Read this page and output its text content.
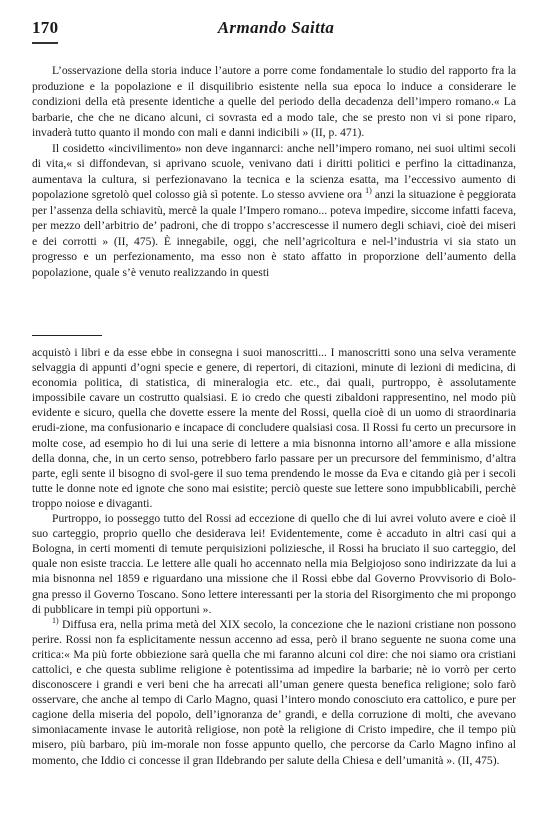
170	Armando Saitta

L’osservazione della storia induce l’autore a porre come fondamentale lo studio del rapporto fra la produzione e la popolazione e il disquilibrio esistente nella sua epoca lo induce a considerare le condizioni della età presente identiche a quelle del periodo della decadenza dell’impero romano.« La barbarie, che che ne dicano alcuni, ci sovrasta ed a modo tale, che se presto non vi si pone riparo, invaderà tutto quanto il mondo con mali e danni indicibili » (II, p. 471).

Il cosidetto «incivilimento» non deve ingannarci: anche nell’impero romano, nei suoi ultimi secoli di vita,« si diffondevan, si aprivano scuole, venivano dati i diritti politici e perfino la cittadinanza, aumentava la cultura, si perfezionavano la tecnica e la scienza esatta, ma l’eccessivo aumento di popolazione sgretolò quel colosso già sì potente. Lo stesso avviene ora $^{1)}$ anzi la situazione è peggiorata per l’assenza della schiavitù, mercè la quale l’Impero romano... poteva impedire, siccome infatti faceva, per mezzo dell’arbitrio de’ padroni, che di troppo s’accrescesse il numero degli schiavi, cioè dei miseri e dei corrotti » (II, 475). È innegabile, oggi, che nell’agricoltura e nel-l’industria vi sia stato un progresso e un perfezionamento, ma esso non è stato affatto in proporzione dell’aumento della popolazione, quale s’è venuto realizzando in questi

acquistò i libri e da esse ebbe in consegna i suoi manoscritti... I manoscritti sono una selva veramente selvaggia di appunti d’ogni specie e genere, di repertori, di citazioni, minute di lezioni di medicina, di economia politica, di statistica, di mineralogia etc. etc., dai quali, purtroppo, è assolutamente impossibile cavare un costrutto qualsiasi. E io credo che questi zibaldoni rappresentino, nel modo più evidente e sicuro, quella che dovette essere la mente del Rossi, quella cioè di un uomo di straordinaria erudi-zione, ma confusionario e incapace di concludere qualsiasi cosa. Il Rossi fu certo un precursore in molte cose, ad esempio ho di lui una serie di lettere a mia bisnonna intorno all’amore e alla missione della donna, che, in un certo senso, potrebbero farlo passare per un precursore del femminismo, d’altra parte, egli sente il bisogno di svol-gere il suo tema prendendo le mosse da Eva e citando già per i secoli tutte le donne note ed ignote che sono mai esistite; perciò queste sue lettere sono impubblicabili, perchè troppo noiose e divaganti.

Purtroppo, io posseggo tutto del Rossi ad eccezione di quello che di lui avrei voluto avere e cioè il suo carteggio, proprio quello che desideravа lei! Evidentemente, come è accaduto in altri casi qui a Bologna, in certi momenti di temute perquisizioni poliziesche, il Rossi ha bruciato il suo carteggio, del quale non esiste traccia. Le lettere alle quali ho accennato nella mia Belgiojoso sono indirizzate da lui a mia bisnonna nel 1859 e riguardano una missione che il Rossi ebbe dal Governo Provvisorio di Bolo-gna presso il Governo Toscano. Sono lettere interessanti per la storia del Risorgimento che mi propongo di pubblicare in tempi più opportuni ».

$^{1)}$ Diffusa era, nella prima metà del XIX secolo, la concezione che le nazioni cristiane non possono perire. Rossi non fa esplicitamente nessun accenno ad essa, però il brano seguente ne suona come una critica:« Ma più forte obbiezione sarà quella che mi faranno alcuni col dire: che noi siamo ora cristiani cattolici, e che questa sublime religione è potentissima ad impedire la barbarie; nè io vorrò per certo disconoscere i grandi e veri beni che ha arrecati all’uman genere questa benefica religione; solo farò osservare, che anche al tempo di Carlo Magno, quasi l’intero mondo conosciuto era cattolico, e pure per cagione della miseria del popolo, dell’ignoranza de’ grandi, e della corruzione di molti, che avevano simoniacamente invase le autorità religiose, non potè la religione di Cristo impedire, che il tempo più misero, più barbaro, più im-morale non fosse appunto quello, che percorse da Carlo Magno infino al momento, che Iddio ci concesse il gran Ildebrando per salute della Chiesa e dell’umanità ». (II, 475).
